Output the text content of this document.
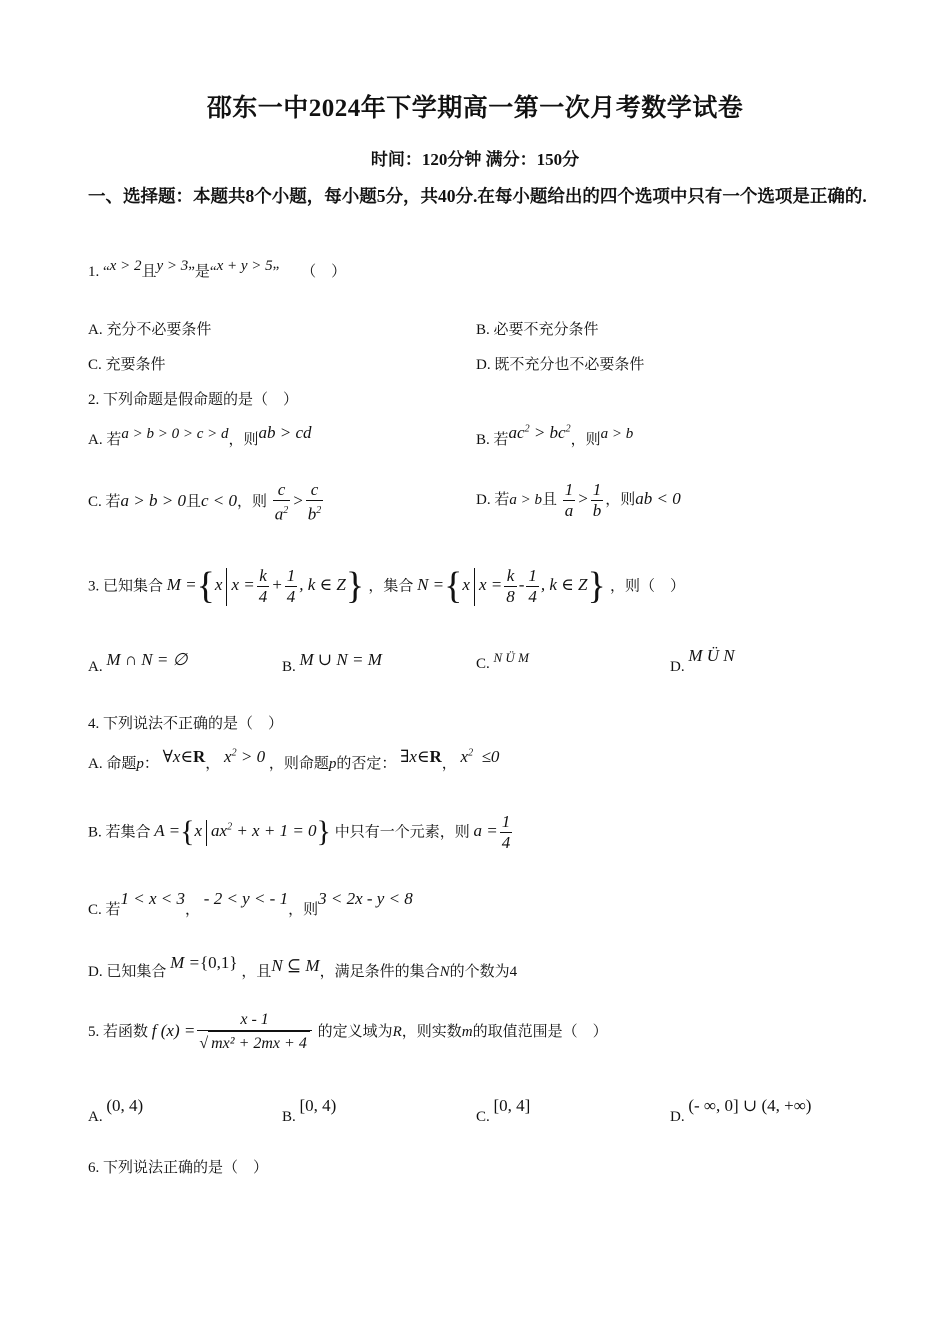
邵东一中2024年下学期高一第一次月考数学试卷
时间：120分钟 满分：150分
一、选择题：本题共8个小题，每小题5分，共40分.在每小题给出的四个选项中只有一个选项是正确的.
1. “x > 2且y > 3”是“x + y > 5” （　）
A. 充分不必要条件	B. 必要不充分条件
C. 充要条件	D. 既不充分也不必要条件
2. 下列命题是假命题的是（　）
A. 若a > b > 0 > c > d，则ab > cd	B. 若$ac^2 > bc^2$，则a > b
C. 若a > b > 0且c < 0，则 $\frac{c}{a^2} > \frac{c}{b^2}$	D. 若a > b且 $\frac{1}{a} > \frac{1}{b}$ ，则ab < 0
3. 已知集合 M ={x $x = \frac{k}{4} + \frac{1}{4}$ , k ∈ Z} ，集合 N ={x $x = \frac{k}{8} - \frac{1}{4}$ , k ∈ Z} ，则（　）
A. M ∩ N = ∅	B. M ∪ N = M	C. N Ü M
D. M Ü N
4. 下列说法不正确的是（　）
A. 命题p： ∀x∈R， $x^2 > 0$ ，则命题p的否定： ∃x∈R， $x^2 \le 0$
B. 若集合 A ={x $ax^2 + x + 1 = 0$} 中只有一个元素，则 $a = \frac{1}{4}$
C. 若1 < x < 3， - 2 < y < - 1，则3 < 2x - y < 8
D. 已知集合 M ={0,1} ，且N ⊆ M，满足条件的集合N的个数为4
5. 若函数 f $(x) = \frac{x - 1}{\text{√ mx² + 2mx + 4}}$ 的定义域为R，则实数m的取值范围是（　）
A. (0, 4)
B. [0, 4)
C. [0, 4]
D. (- ∞, 0] ∪ (4, +∞)
6. 下列说法正确的是（　）
